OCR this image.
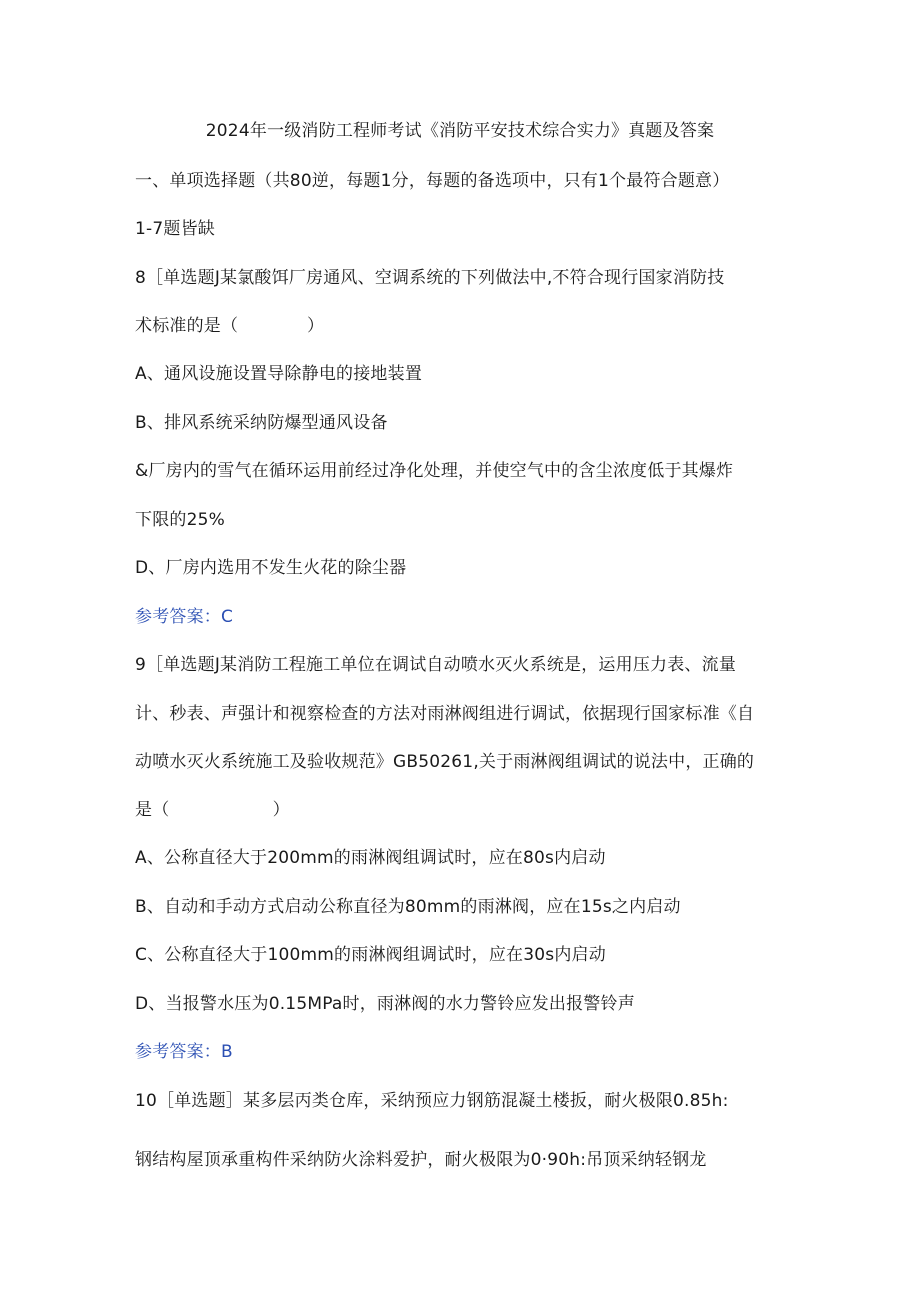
2024年一级消防工程师考试《消防平安技术综合实力》真题及答案
一、单项选择题（共80逆，每题1分，每题的备选项中，只有1个最符合题意）
1-7题皆缺
8［单选题J某氯酸饵厂房通风、空调系统的下列做法中,不符合现行国家消防技
术标准的是（　　　　）
A、通风设施设置导除静电的接地装置
B、排风系统采纳防爆型通风设备
&厂房内的雪气在循环运用前经过净化处理，并使空气中的含尘浓度低于其爆炸
下限的25%
D、厂房内选用不发生火花的除尘器
参考答案：C
9［单选题J某消防工程施工单位在调试自动喷水灭火系统是，运用压力表、流量
计、秒表、声强计和视察检查的方法对雨淋阀组进行调试，依据现行国家标准《自
动喷水灭火系统施工及验收规范》GB50261,关于雨淋阀组调试的说法中，正确的
是（　　　　　　）
A、公称直径大于200mm的雨淋阀组调试时，应在80s内启动
B、自动和手动方式启动公称直径为80mm的雨淋阀，应在15s之内启动
C、公称直径大于100mm的雨淋阀组调试时，应在30s内启动
D、当报警水压为0.15MPa时，雨淋阀的水力警铃应发出报警铃声
参考答案：B
10［单选题］某多层丙类仓库，采纳预应力钢筋混凝土楼扳，耐火极限0.85h:
钢结构屋顶承重构件采纳防火涂料爱护，耐火极限为0·90h:吊顶采纳轻钢龙
